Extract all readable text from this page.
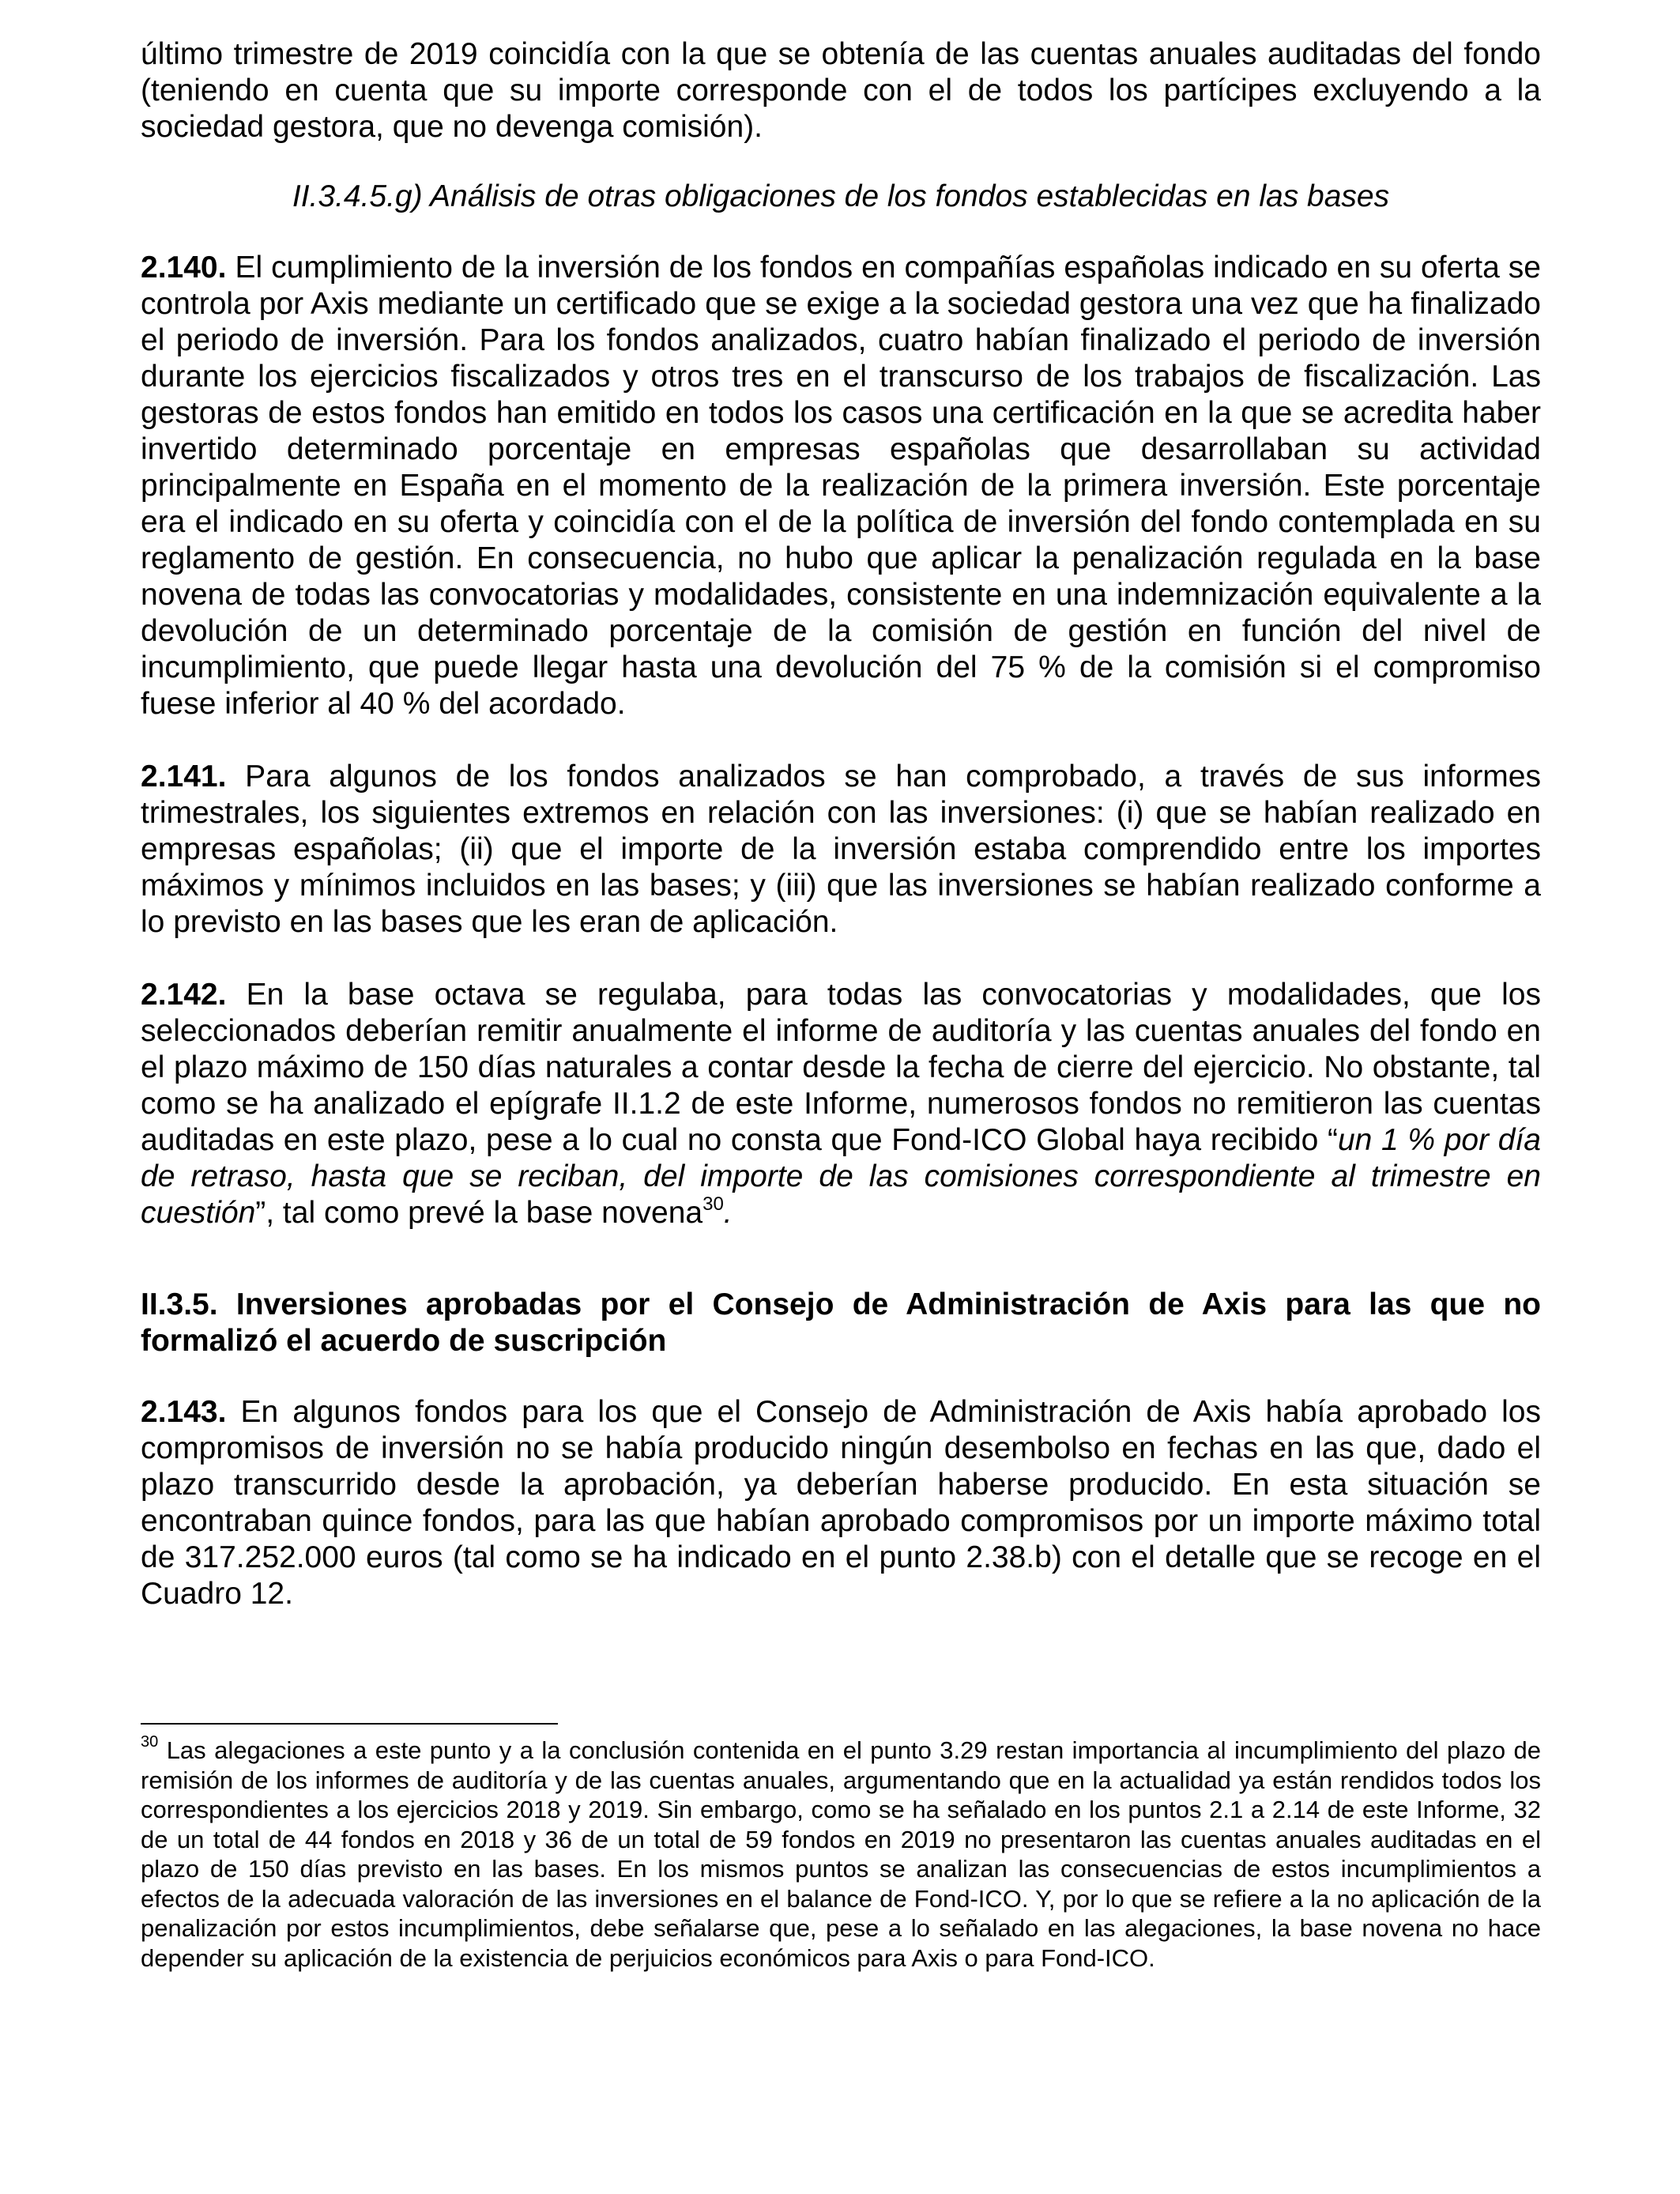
último trimestre de 2019 coincidía con la que se obtenía de las cuentas anuales auditadas del fondo (teniendo en cuenta que su importe corresponde con el de todos los partícipes excluyendo a la sociedad gestora, que no devenga comisión).

II.3.4.5.g) Análisis de otras obligaciones de los fondos establecidas en las bases

2.140. El cumplimiento de la inversión de los fondos en compañías españolas indicado en su oferta se controla por Axis mediante un certificado que se exige a la sociedad gestora una vez que ha finalizado el periodo de inversión. Para los fondos analizados, cuatro habían finalizado el periodo de inversión durante los ejercicios fiscalizados y otros tres en el transcurso de los trabajos de fiscalización. Las gestoras de estos fondos han emitido en todos los casos una certificación en la que se acredita haber invertido determinado porcentaje en empresas españolas que desarrollaban su actividad principalmente en España en el momento de la realización de la primera inversión. Este porcentaje era el indicado en su oferta y coincidía con el de la política de inversión del fondo contemplada en su reglamento de gestión. En consecuencia, no hubo que aplicar la penalización regulada en la base novena de todas las convocatorias y modalidades, consistente en una indemnización equivalente a la devolución de un determinado porcentaje de la comisión de gestión en función del nivel de incumplimiento, que puede llegar hasta una devolución del 75 % de la comisión si el compromiso fuese inferior al 40 % del acordado.

2.141. Para algunos de los fondos analizados se han comprobado, a través de sus informes trimestrales, los siguientes extremos en relación con las inversiones: (i) que se habían realizado en empresas españolas; (ii) que el importe de la inversión estaba comprendido entre los importes máximos y mínimos incluidos en las bases; y (iii) que las inversiones se habían realizado conforme a lo previsto en las bases que les eran de aplicación.

2.142. En la base octava se regulaba, para todas las convocatorias y modalidades, que los seleccionados deberían remitir anualmente el informe de auditoría y las cuentas anuales del fondo en el plazo máximo de 150 días naturales a contar desde la fecha de cierre del ejercicio. No obstante, tal como se ha analizado el epígrafe II.1.2 de este Informe, numerosos fondos no remitieron las cuentas auditadas en este plazo, pese a lo cual no consta que Fond-ICO Global haya recibido “un 1 % por día de retraso, hasta que se reciban, del importe de las comisiones correspondiente al trimestre en cuestión”, tal como prevé la base novena$^{30}$.

II.3.5. Inversiones aprobadas por el Consejo de Administración de Axis para las que no formalizó el acuerdo de suscripción

2.143. En algunos fondos para los que el Consejo de Administración de Axis había aprobado los compromisos de inversión no se había producido ningún desembolso en fechas en las que, dado el plazo transcurrido desde la aprobación, ya deberían haberse producido. En esta situación se encontraban quince fondos, para las que habían aprobado compromisos por un importe máximo total de 317.252.000 euros (tal como se ha indicado en el punto 2.38.b) con el detalle que se recoge en el Cuadro 12.

$^{30}$ Las alegaciones a este punto y a la conclusión contenida en el punto 3.29 restan importancia al incumplimiento del plazo de remisión de los informes de auditoría y de las cuentas anuales, argumentando que en la actualidad ya están rendidos todos los correspondientes a los ejercicios 2018 y 2019. Sin embargo, como se ha señalado en los puntos 2.1 a 2.14 de este Informe, 32 de un total de 44 fondos en 2018 y 36 de un total de 59 fondos en 2019 no presentaron las cuentas anuales auditadas en el plazo de 150 días previsto en las bases. En los mismos puntos se analizan las consecuencias de estos incumplimientos a efectos de la adecuada valoración de las inversiones en el balance de Fond-ICO. Y, por lo que se refiere a la no aplicación de la penalización por estos incumplimientos, debe señalarse que, pese a lo señalado en las alegaciones, la base novena no hace depender su aplicación de la existencia de perjuicios económicos para Axis o para Fond-ICO.
